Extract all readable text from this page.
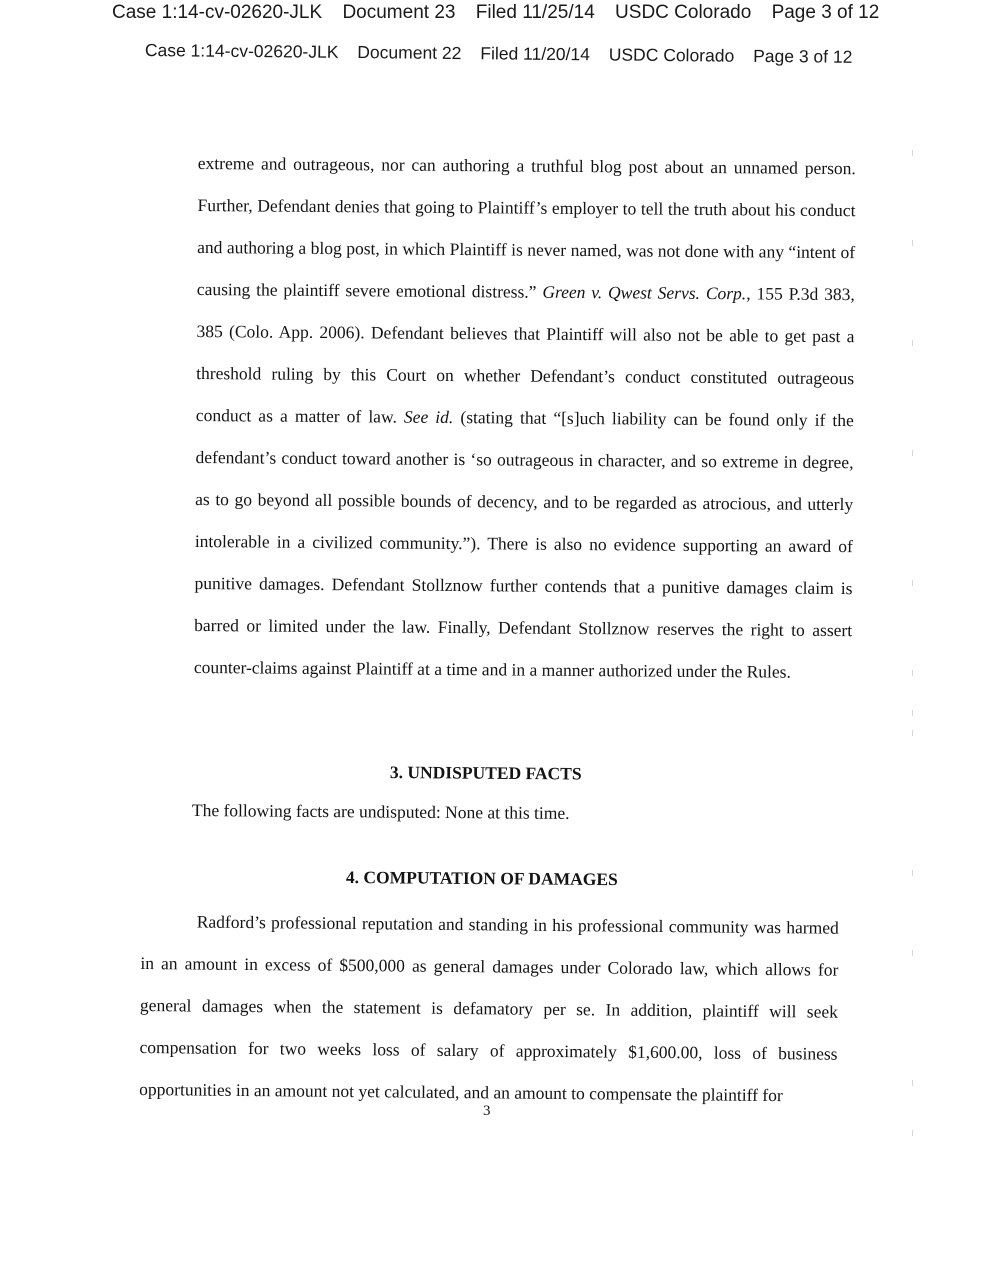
Case 1:14-cv-02620-JLK Document 23 Filed 11/25/14 USDC Colorado Page 3 of 12
Case 1:14-cv-02620-JLK Document 22 Filed 11/20/14 USDC Colorado Page 3 of 12
extreme and outrageous, nor can authoring a truthful blog post about an unnamed person. Further, Defendant denies that going to Plaintiff’s employer to tell the truth about his conduct and authoring a blog post, in which Plaintiff is never named, was not done with any “intent of causing the plaintiff severe emotional distress.” Green v. Qwest Servs. Corp., 155 P.3d 383, 385 (Colo. App. 2006). Defendant believes that Plaintiff will also not be able to get past a threshold ruling by this Court on whether Defendant’s conduct constituted outrageous conduct as a matter of law. See id. (stating that “[s]uch liability can be found only if the defendant’s conduct toward another is ‘so outrageous in character, and so extreme in degree, as to go beyond all possible bounds of decency, and to be regarded as atrocious, and utterly intolerable in a civilized community.”). There is also no evidence supporting an award of punitive damages. Defendant Stollznow further contends that a punitive damages claim is barred or limited under the law. Finally, Defendant Stollznow reserves the right to assert counter-claims against Plaintiff at a time and in a manner authorized under the Rules.
3. UNDISPUTED FACTS
The following facts are undisputed: None at this time.
4. COMPUTATION OF DAMAGES
Radford’s professional reputation and standing in his professional community was harmed in an amount in excess of $500,000 as general damages under Colorado law, which allows for general damages when the statement is defamatory per se. In addition, plaintiff will seek compensation for two weeks loss of salary of approximately $1,600.00, loss of business opportunities in an amount not yet calculated, and an amount to compensate the plaintiff for
3
